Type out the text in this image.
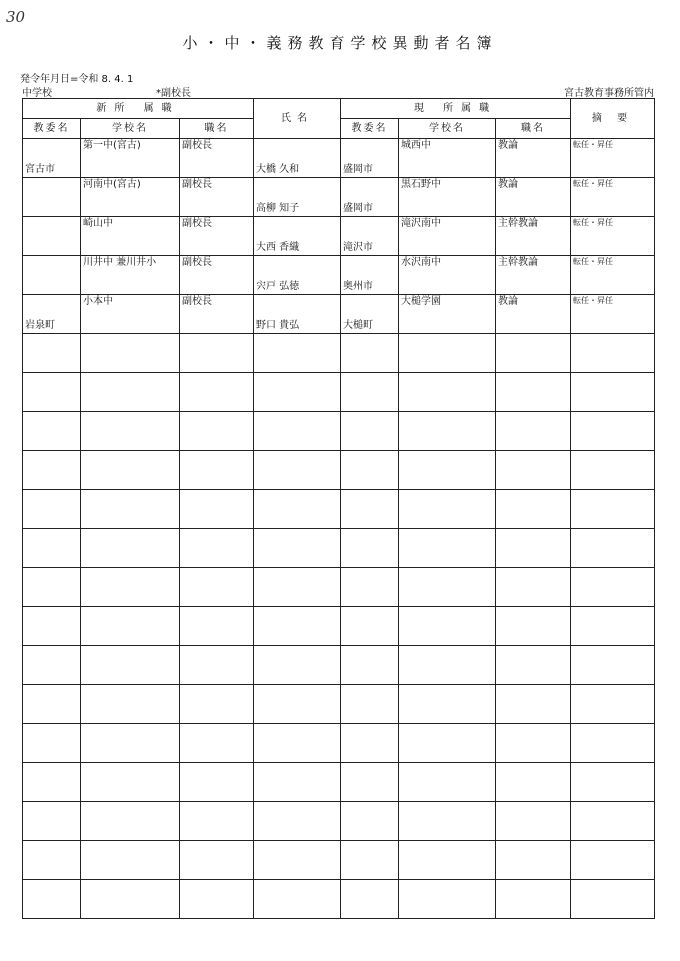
30
小・中・義務教育学校異動者名簿
発令年月日=令和 8. 4. 1
中学校	*副校長	宮古教育事務所管内
新所 属職			氏名	現 所属職			摘 要
教委名	学校名	職名		教委名	学校名	職名	

宮古市	第一中(宮古)	副校長	大橋 久和	盛岡市	城西中	教論	転任・昇任

	河南中(宮古)	副校長	高柳 知子	盛岡市	黒石野中	教論	転任・昇任

	崎山中	副校長	大西 香織	滝沢市	滝沢南中	主幹教論	転任・昇任

	川井中 兼川井小	副校長	宍戸 弘徳	奥州市	水沢南中	主幹教論	転任・昇任

岩泉町	小本中	副校長	野口 貴弘	大槌町	大槌学園	教論	転任・昇任
